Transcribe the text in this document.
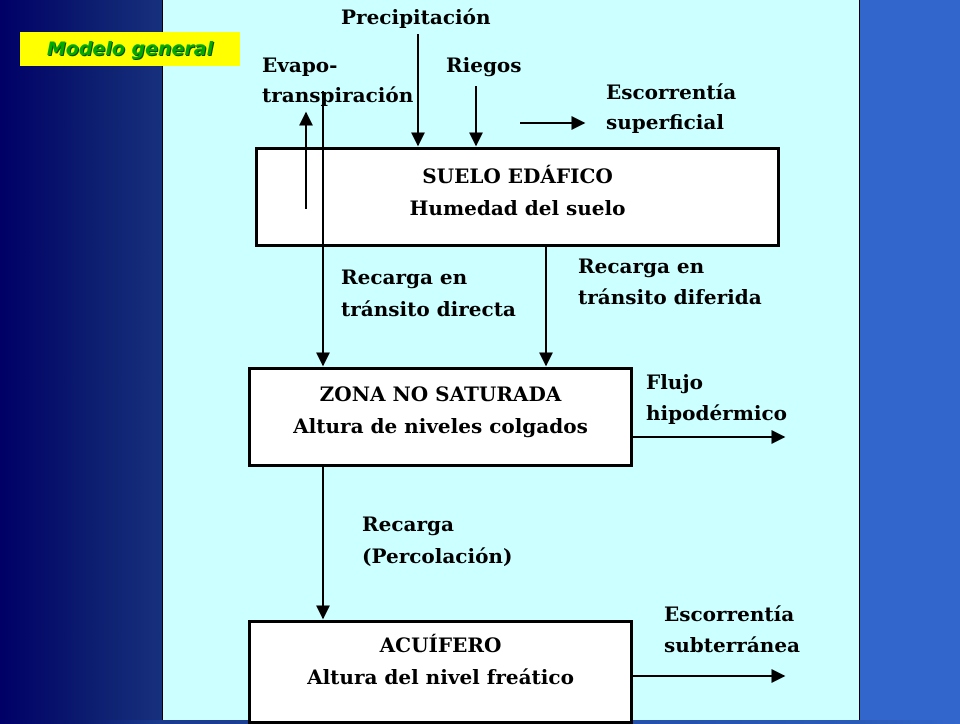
Modelo general
Precipitación
Evapo-
transpiración
Riegos
Escorrentía
superficial
SUELO EDÁFICO
Humedad del suelo
Recarga en
tránsito directa
Recarga en
tránsito diferida
ZONA NO SATURADA
Altura de niveles colgados
Flujo
hipodérmico
Recarga
(Percolación)
ACUÍFERO
Altura del nivel freático
Escorrentía
subterránea
